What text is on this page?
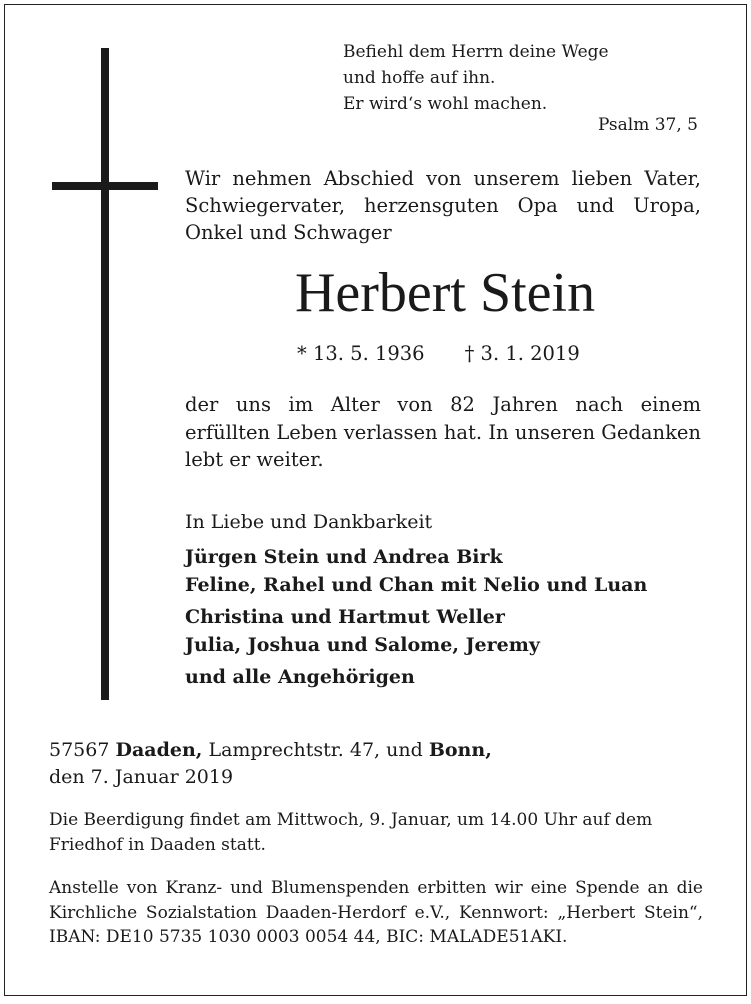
Befiehl dem Herrn deine Wege
und hoffe auf ihn.
Er wird‘s wohl machen.
Psalm 37, 5
Wir nehmen Abschied von unserem lieben Vater, Schwiegervater, herzensguten Opa und Uropa, Onkel und Schwager
Herbert Stein
* 13. 5. 1936 † 3. 1. 2019
der uns im Alter von 82 Jahren nach einem erfüllten Leben verlassen hat. In unseren Gedanken lebt er weiter.
In Liebe und Dankbarkeit
Jürgen Stein und Andrea Birk
Feline, Rahel und Chan mit Nelio und Luan
Christina und Hartmut Weller
Julia, Joshua und Salome, Jeremy
und alle Angehörigen
57567 Daaden, Lamprechtstr. 47, und Bonn,
den 7. Januar 2019
Die Beerdigung findet am Mittwoch, 9. Januar, um 14.00 Uhr auf dem Friedhof in Daaden statt.
Anstelle von Kranz- und Blumenspenden erbitten wir eine Spende an die Kirchliche Sozialstation Daaden-Herdorf e.V., Kennwort: „Herbert Stein“, IBAN: DE10 5735 1030 0003 0054 44, BIC: MALADE51AKI.
